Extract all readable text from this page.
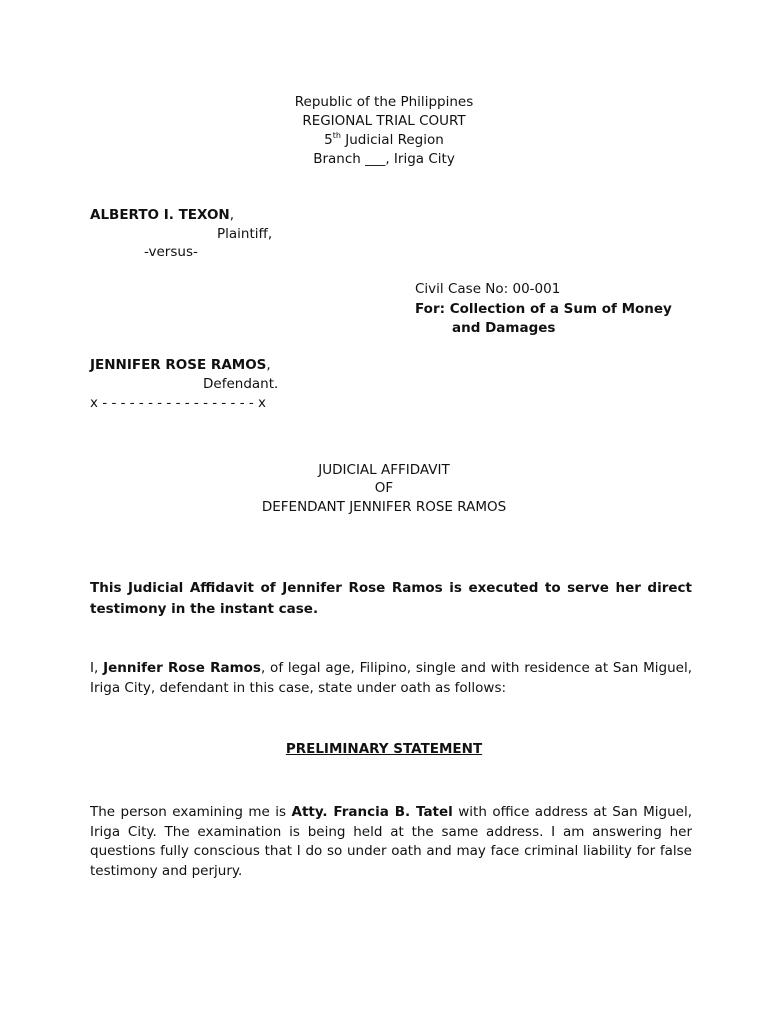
Republic of the Philippines
REGIONAL TRIAL COURT
5th Judicial Region
Branch ___, Iriga City
ALBERTO I. TEXON,
Plaintiff,
-versus-
Civil Case No: 00-001
For: Collection of a Sum of Money
and Damages
JENNIFER ROSE RAMOS,
Defendant.
x - - - - - - - - - - - - - - - - - x
JUDICIAL AFFIDAVIT
OF
DEFENDANT JENNIFER ROSE RAMOS
This Judicial Affidavit of Jennifer Rose Ramos is executed to serve her direct testimony in the instant case.
I, Jennifer Rose Ramos, of legal age, Filipino, single and with residence at San Miguel, Iriga City, defendant in this case, state under oath as follows:
PRELIMINARY STATEMENT
The person examining me is Atty. Francia B. Tatel with office address at San Miguel, Iriga City. The examination is being held at the same address. I am answering her questions fully conscious that I do so under oath and may face criminal liability for false testimony and perjury.
